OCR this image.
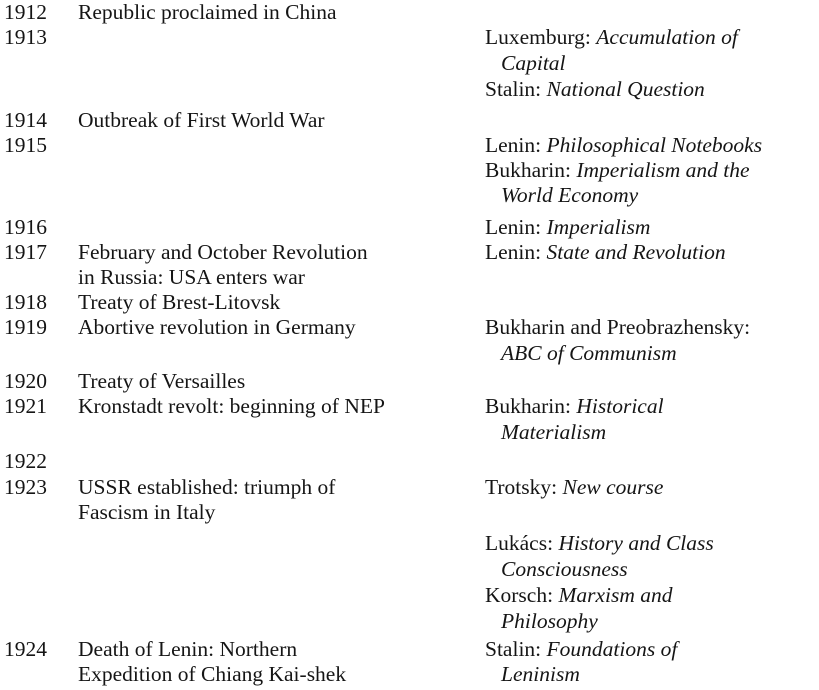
1912
1913
1914
1915
1916
1917
1918
1919
1920
1921
1922
1923
1924
Republic proclaimed in China
Outbreak of First World War
February and October Revolution
in Russia: USA enters war
Treaty of Brest-Litovsk
Abortive revolution in Germany
Treaty of Versailles
Kronstadt revolt: beginning of NEP
USSR established: triumph of
Fascism in Italy
Death of Lenin: Northern
Expedition of Chiang Kai-shek
Luxemburg: Accumulation of
Capital
Stalin: National Question
Lenin: Philosophical Notebooks
Bukharin: Imperialism and the
World Economy
Lenin: Imperialism
Lenin: State and Revolution
Bukharin and Preobrazhensky:
ABC of Communism
Bukharin: Historical
Materialism
Trotsky: New course
Lukács: History and Class
Consciousness
Korsch: Marxism and
Philosophy
Stalin: Foundations of
Leninism
